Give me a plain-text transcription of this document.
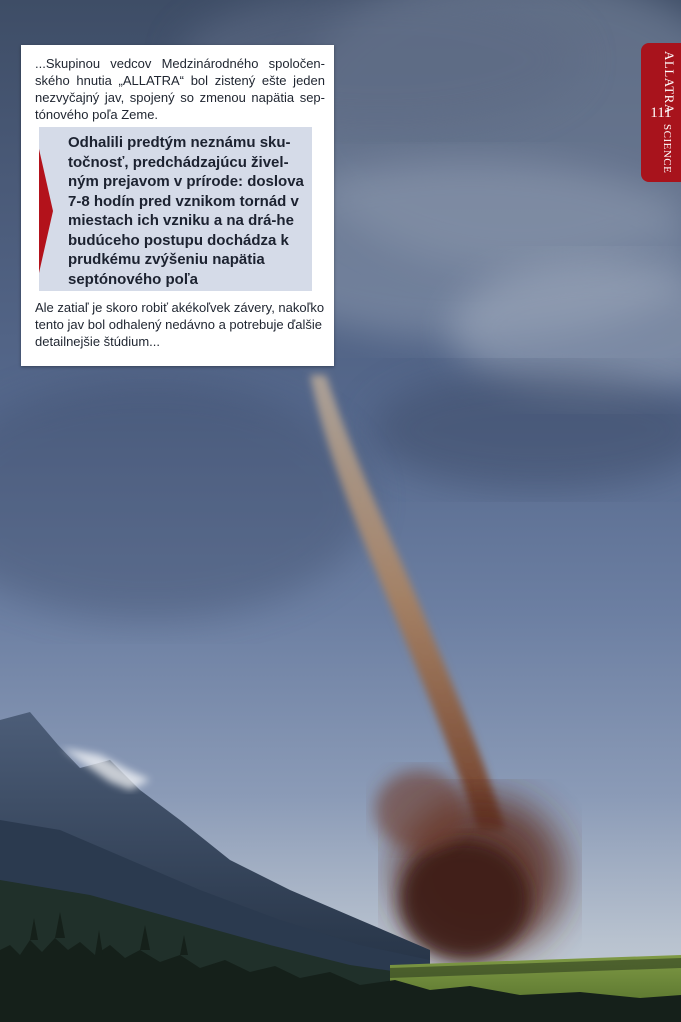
...Skupinou vedcov Medzinárodného spoločen-ského hnutia „ALLATRA“ bol zistený ešte jeden nezvyčajný jav, spojený so zmenou napätia sep-tónového poľa Zeme.
Odhalili predtým neznámu sku-točnosť, predchádzajúcu živel-ným prejavom v prírode: doslova 7-8 hodín pred vznikom tornád v miestach ich vzniku a na drá-he budúceho postupu dochádza k prudkému zvýšeniu napätia septónového poľa
Ale zatiaľ je skoro robiť akékoľvek závery, nakoľko tento jav bol odhalený nedávno a potrebuje ďalšie detailnejšie štúdium...
ALLATRA
111
SCIENCE
